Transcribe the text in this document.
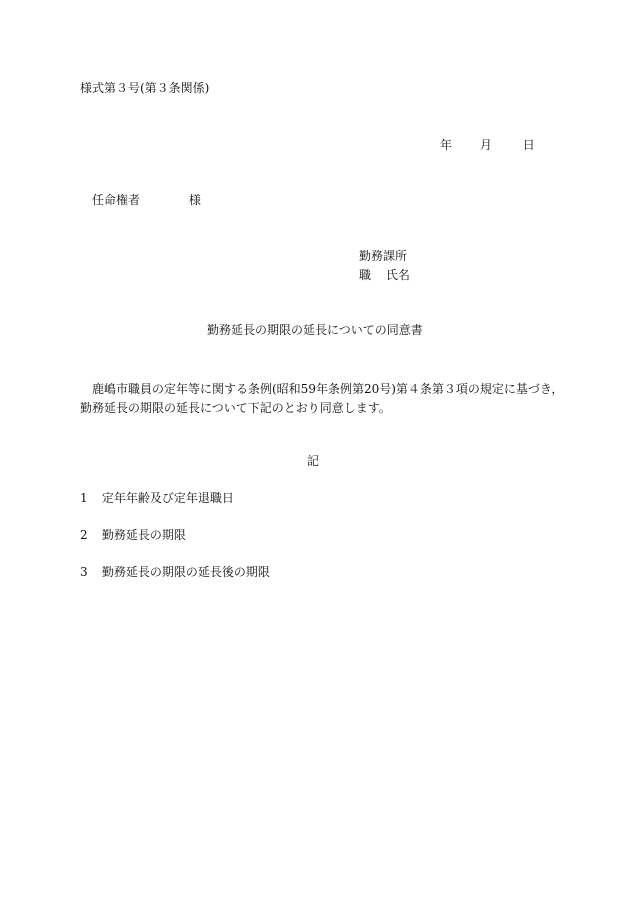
様式第３号(第３条関係)
年 月	日
任命権者	様
勤務課所
職 氏名
勤務延長の期限の延長についての同意書
鹿嶋市職員の定年等に関する条例(昭和59年条例第20号)第４条第３項の規定に基づき，
勤務延長の期限の延長について下記のとおり同意します。
記
1 定年年齢及び定年退職日
2 勤務延長の期限
3 勤務延長の期限の延長後の期限
